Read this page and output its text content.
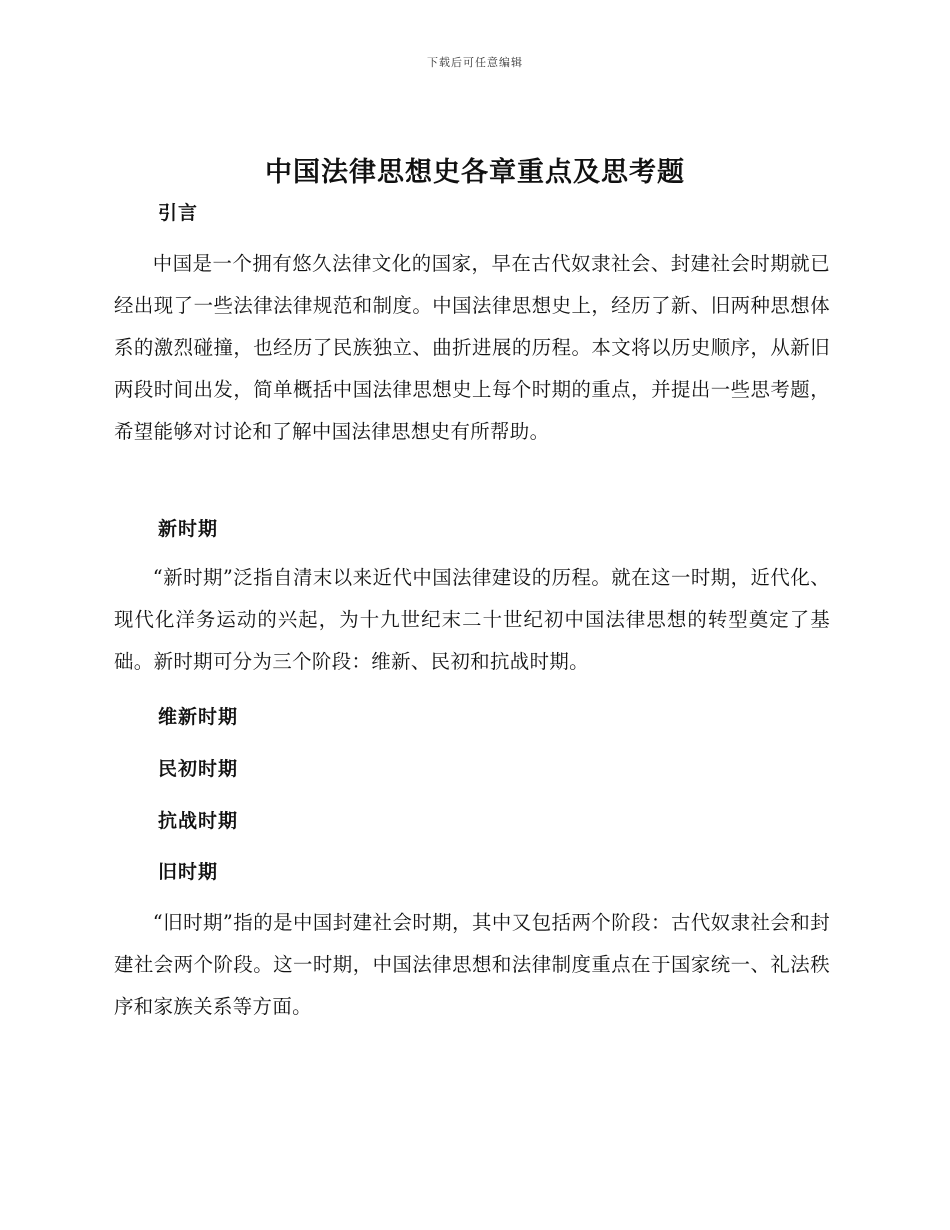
下载后可任意编辑
中国法律思想史各章重点及思考题
引言

中国是一个拥有悠久法律文化的国家，早在古代奴隶社会、封建社会时期就已经出现了一些法律法律规范和制度。中国法律思想史上，经历了新、旧两种思想体系的激烈碰撞，也经历了民族独立、曲折进展的历程。本文将以历史顺序，从新旧两段时间出发，简单概括中国法律思想史上每个时期的重点，并提出一些思考题，希望能够对讨论和了解中国法律思想史有所帮助。

新时期

“新时期”泛指自清末以来近代中国法律建设的历程。就在这一时期，近代化、现代化洋务运动的兴起，为十九世纪末二十世纪初中国法律思想的转型奠定了基础。新时期可分为三个阶段：维新、民初和抗战时期。

维新时期
民初时期
抗战时期
旧时期

“旧时期”指的是中国封建社会时期，其中又包括两个阶段：古代奴隶社会和封建社会两个阶段。这一时期，中国法律思想和法律制度重点在于国家统一、礼法秩序和家族关系等方面。
